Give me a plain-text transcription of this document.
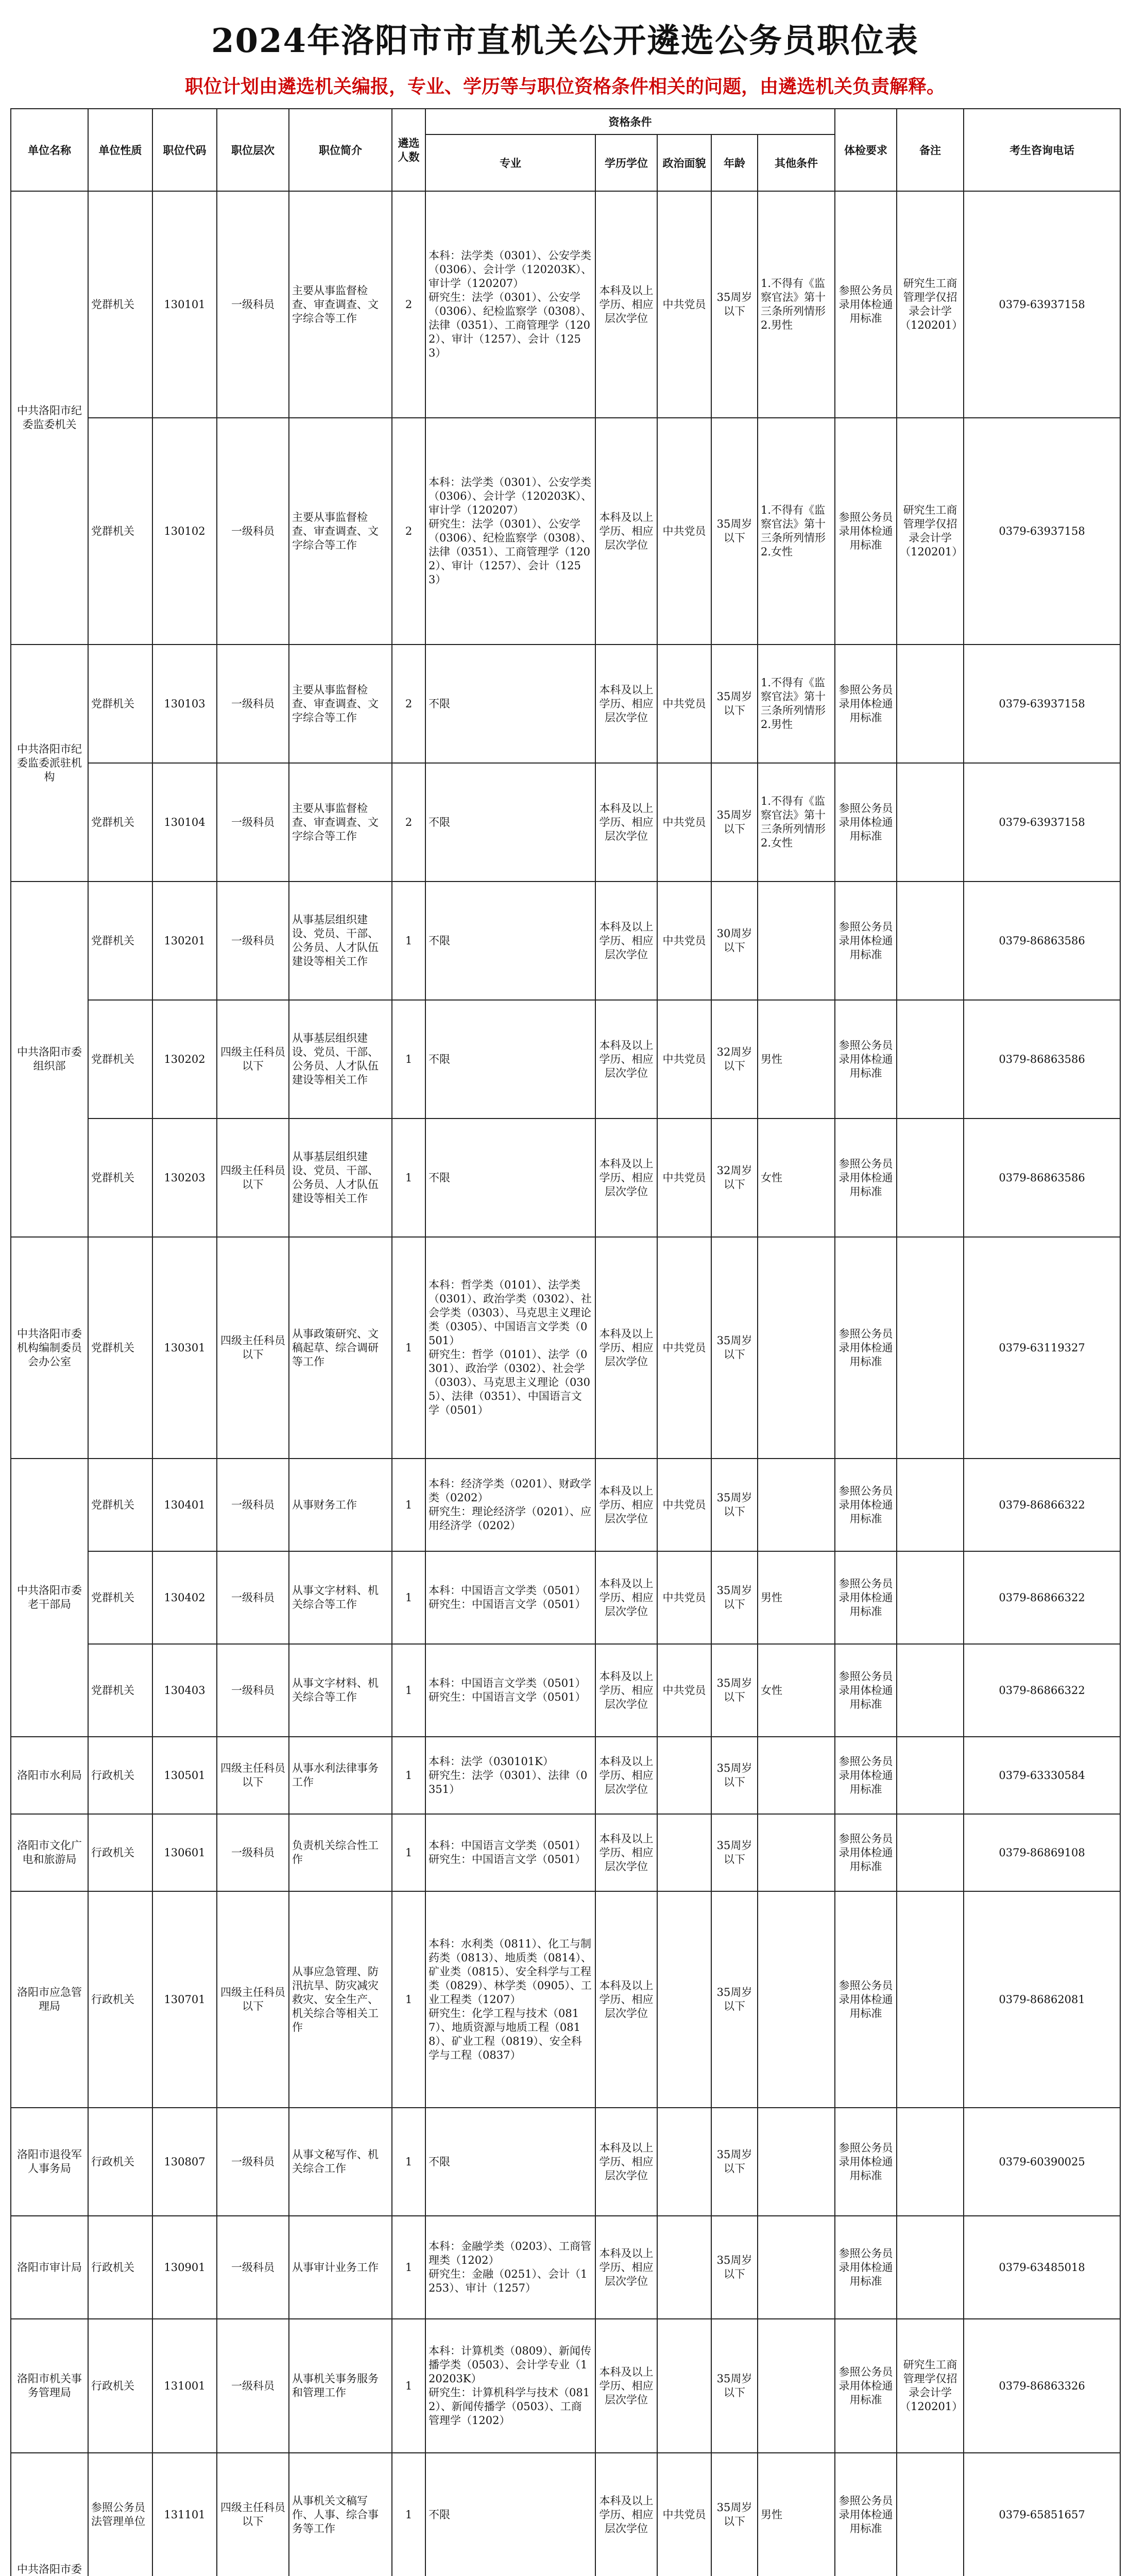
2024年洛阳市市直机关公开遴选公务员职位表
职位计划由遴选机关编报，专业、学历等与职位资格条件相关的问题，由遴选机关负责解释。
单位名称	单位性质	职位代码	职位层次	职位简介	遴选人数	资格条件					体检要求	备注	考生咨询电话
						专业	学历学位	政治面貌	年龄	其他条件			
中共洛阳市纪委监委机关	党群机关	130101	一级科员	主要从事监督检查、审查调查、文字综合等工作	2	本科：法学类（0301）、公安学类（0306）、会计学（120203K）、审计学（120207）
研究生：法学（0301）、公安学（0306）、纪检监察学（0308）、法律（0351）、工商管理学（1202）、审计（1257）、会计（1253）	本科及以上学历、相应层次学位	中共党员	35周岁以下	1.不得有《监察官法》第十三条所列情形
2.男性	参照公务员录用体检通用标准	研究生工商管理学仅招录会计学（120201）	0379-63937158
	党群机关	130102	一级科员	主要从事监督检查、审查调查、文字综合等工作	2	本科：法学类（0301）、公安学类（0306）、会计学（120203K）、审计学（120207）
研究生：法学（0301）、公安学（0306）、纪检监察学（0308）、法律（0351）、工商管理学（1202）、审计（1257）、会计（1253）	本科及以上学历、相应层次学位	中共党员	35周岁以下	1.不得有《监察官法》第十三条所列情形
2.女性	参照公务员录用体检通用标准	研究生工商管理学仅招录会计学（120201）	0379-63937158
中共洛阳市纪委监委派驻机构	党群机关	130103	一级科员	主要从事监督检查、审查调查、文字综合等工作	2	不限	本科及以上学历、相应层次学位	中共党员	35周岁以下	1.不得有《监察官法》第十三条所列情形
2.男性	参照公务员录用体检通用标准		0379-63937158
	党群机关	130104	一级科员	主要从事监督检查、审查调查、文字综合等工作	2	不限	本科及以上学历、相应层次学位	中共党员	35周岁以下	1.不得有《监察官法》第十三条所列情形
2.女性	参照公务员录用体检通用标准		0379-63937158
中共洛阳市委组织部	党群机关	130201	一级科员	从事基层组织建设、党员、干部、公务员、人才队伍建设等相关工作	1	不限	本科及以上学历、相应层次学位	中共党员	30周岁以下		参照公务员录用体检通用标准		0379-86863586
	党群机关	130202	四级主任科员以下	从事基层组织建设、党员、干部、公务员、人才队伍建设等相关工作	1	不限	本科及以上学历、相应层次学位	中共党员	32周岁以下	男性	参照公务员录用体检通用标准		0379-86863586
	党群机关	130203	四级主任科员以下	从事基层组织建设、党员、干部、公务员、人才队伍建设等相关工作	1	不限	本科及以上学历、相应层次学位	中共党员	32周岁以下	女性	参照公务员录用体检通用标准		0379-86863586
中共洛阳市委机构编制委员会办公室	党群机关	130301	四级主任科员以下	从事政策研究、文稿起草、综合调研等工作	1	本科：哲学类（0101）、法学类（0301）、政治学类（0302）、社会学类（0303）、马克思主义理论类（0305）、中国语言文学类（0501）
研究生：哲学（0101）、法学（0301）、政治学（0302）、社会学（0303）、马克思主义理论（0305）、法律（0351）、中国语言文学（0501）	本科及以上学历、相应层次学位	中共党员	35周岁以下		参照公务员录用体检通用标准		0379-63119327
中共洛阳市委老干部局	党群机关	130401	一级科员	从事财务工作	1	本科：经济学类（0201）、财政学类（0202）
研究生：理论经济学（0201）、应用经济学（0202）	本科及以上学历、相应层次学位	中共党员	35周岁以下		参照公务员录用体检通用标准		0379-86866322
	党群机关	130402	一级科员	从事文字材料、机关综合等工作	1	本科：中国语言文学类（0501）
研究生：中国语言文学（0501）	本科及以上学历、相应层次学位	中共党员	35周岁以下	男性	参照公务员录用体检通用标准		0379-86866322
	党群机关	130403	一级科员	从事文字材料、机关综合等工作	1	本科：中国语言文学类（0501）
研究生：中国语言文学（0501）	本科及以上学历、相应层次学位	中共党员	35周岁以下	女性	参照公务员录用体检通用标准		0379-86866322
洛阳市水利局	行政机关	130501	四级主任科员以下	从事水利法律事务工作	1	本科：法学（030101K）
研究生：法学（0301）、法律（0351）	本科及以上学历、相应层次学位		35周岁以下		参照公务员录用体检通用标准		0379-63330584
洛阳市文化广电和旅游局	行政机关	130601	一级科员	负责机关综合性工作	1	本科：中国语言文学类（0501）
研究生：中国语言文学（0501）	本科及以上学历、相应层次学位		35周岁以下		参照公务员录用体检通用标准		0379-86869108
洛阳市应急管理局	行政机关	130701	四级主任科员以下	从事应急管理、防汛抗旱、防灾减灾救灾、安全生产、机关综合等相关工作	1	本科：水利类（0811）、化工与制药类（0813）、地质类（0814）、矿业类（0815）、安全科学与工程类（0829）、林学类（0905）、工业工程类（1207）
研究生：化学工程与技术（0817）、地质资源与地质工程（0818）、矿业工程（0819）、安全科学与工程（0837）	本科及以上学历、相应层次学位		35周岁以下		参照公务员录用体检通用标准		0379-86862081
洛阳市退役军人事务局	行政机关	130807	一级科员	从事文秘写作、机关综合工作	1	不限	本科及以上学历、相应层次学位		35周岁以下		参照公务员录用体检通用标准		0379-60390025
洛阳市审计局	行政机关	130901	一级科员	从事审计业务工作	1	本科：金融学类（0203）、工商管理类（1202）
研究生：金融（0251）、会计（1253）、审计（1257）	本科及以上学历、相应层次学位		35周岁以下		参照公务员录用体检通用标准		0379-63485018
洛阳市机关事务管理局	行政机关	131001	一级科员	从事机关事务服务和管理工作	1	本科：计算机类（0809）、新闻传播学类（0503）、会计学专业（120203K）
研究生：计算机科学与技术（0812）、新闻传播学（0503）、工商管理学（1202）	本科及以上学历、相应层次学位		35周岁以下		参照公务员录用体检通用标准	研究生工商管理学仅招录会计学（120201）	0379-86863326
中共洛阳市委	参照公务员法管理单位	131101	四级主任科员以下	从事机关文稿写作、人事、综合事务等工作	1	不限	本科及以上学历、相应层次学位	中共党员	35周岁以下	男性	参照公务员录用体检通用标准		0379-65851657
